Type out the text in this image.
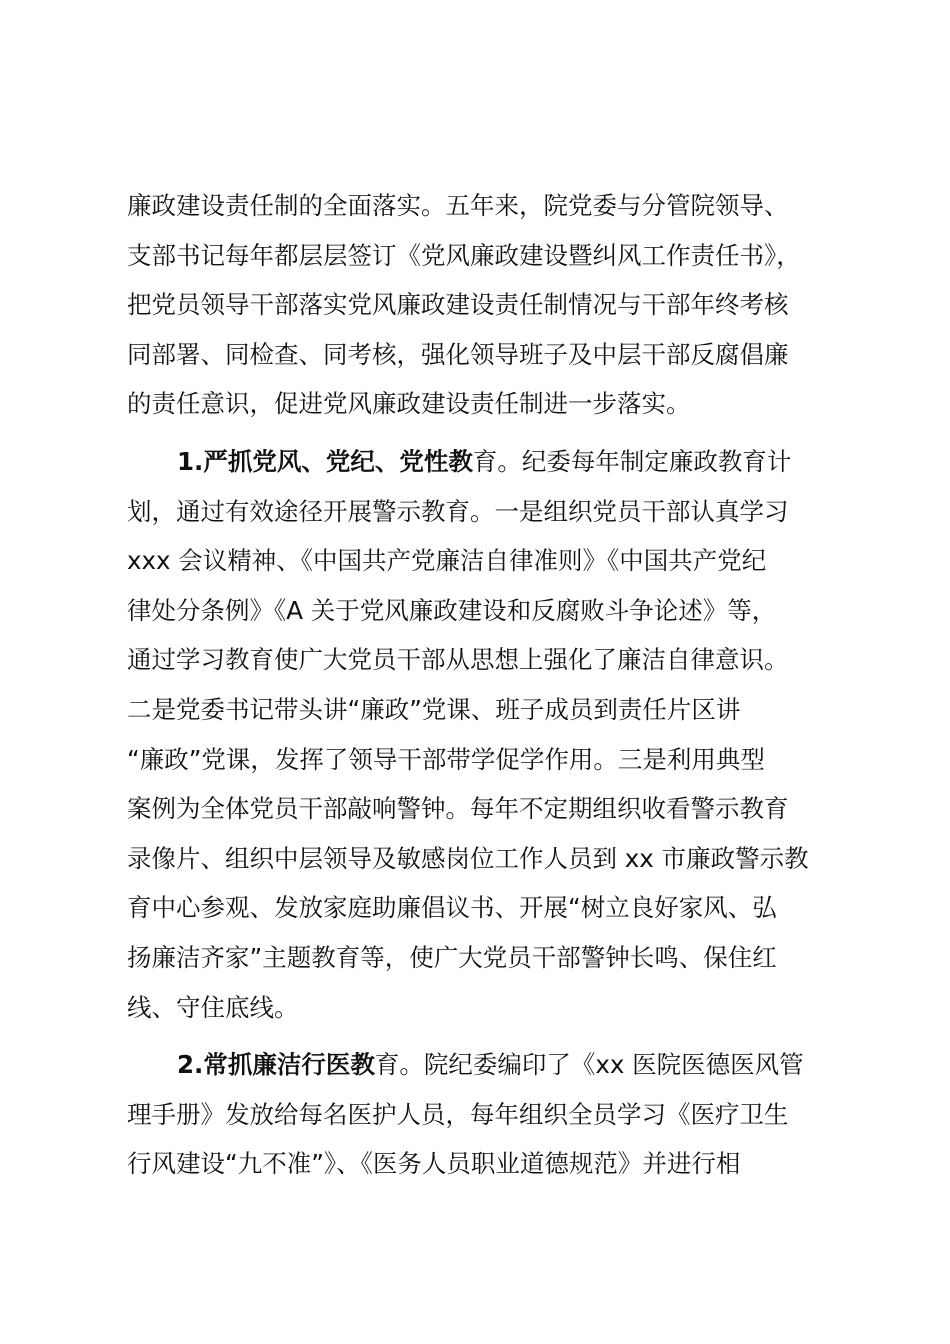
廉政建设责任制的全面落实。五年来，院党委与分管院领导、
支部书记每年都层层签订《党风廉政建设暨纠风工作责任书》，
把党员领导干部落实党风廉政建设责任制情况与干部年终考核
同部署、同检查、同考核，强化领导班子及中层干部反腐倡廉
的责任意识，促进党风廉政建设责任制进一步落实。
1.严抓党风、党纪、党性教育。纪委每年制定廉政教育计
划，通过有效途径开展警示教育。一是组织党员干部认真学习
xxx 会议精神、《中国共产党廉洁自律准则》《中国共产党纪
律处分条例》《A 关于党风廉政建设和反腐败斗争论述》等，
通过学习教育使广大党员干部从思想上强化了廉洁自律意识。
二是党委书记带头讲“廉政”党课、班子成员到责任片区讲
“廉政”党课，发挥了领导干部带学促学作用。三是利用典型
案例为全体党员干部敲响警钟。每年不定期组织收看警示教育
录像片、组织中层领导及敏感岗位工作人员到 xx 市廉政警示教
育中心参观、发放家庭助廉倡议书、开展“树立良好家风、弘
扬廉洁齐家”主题教育等，使广大党员干部警钟长鸣、保住红
线、守住底线。
2.常抓廉洁行医教育。院纪委编印了《xx 医院医德医风管
理手册》发放给每名医护人员，每年组织全员学习《医疗卫生
行风建设“九不准”》、《医务人员职业道德规范》并进行相
